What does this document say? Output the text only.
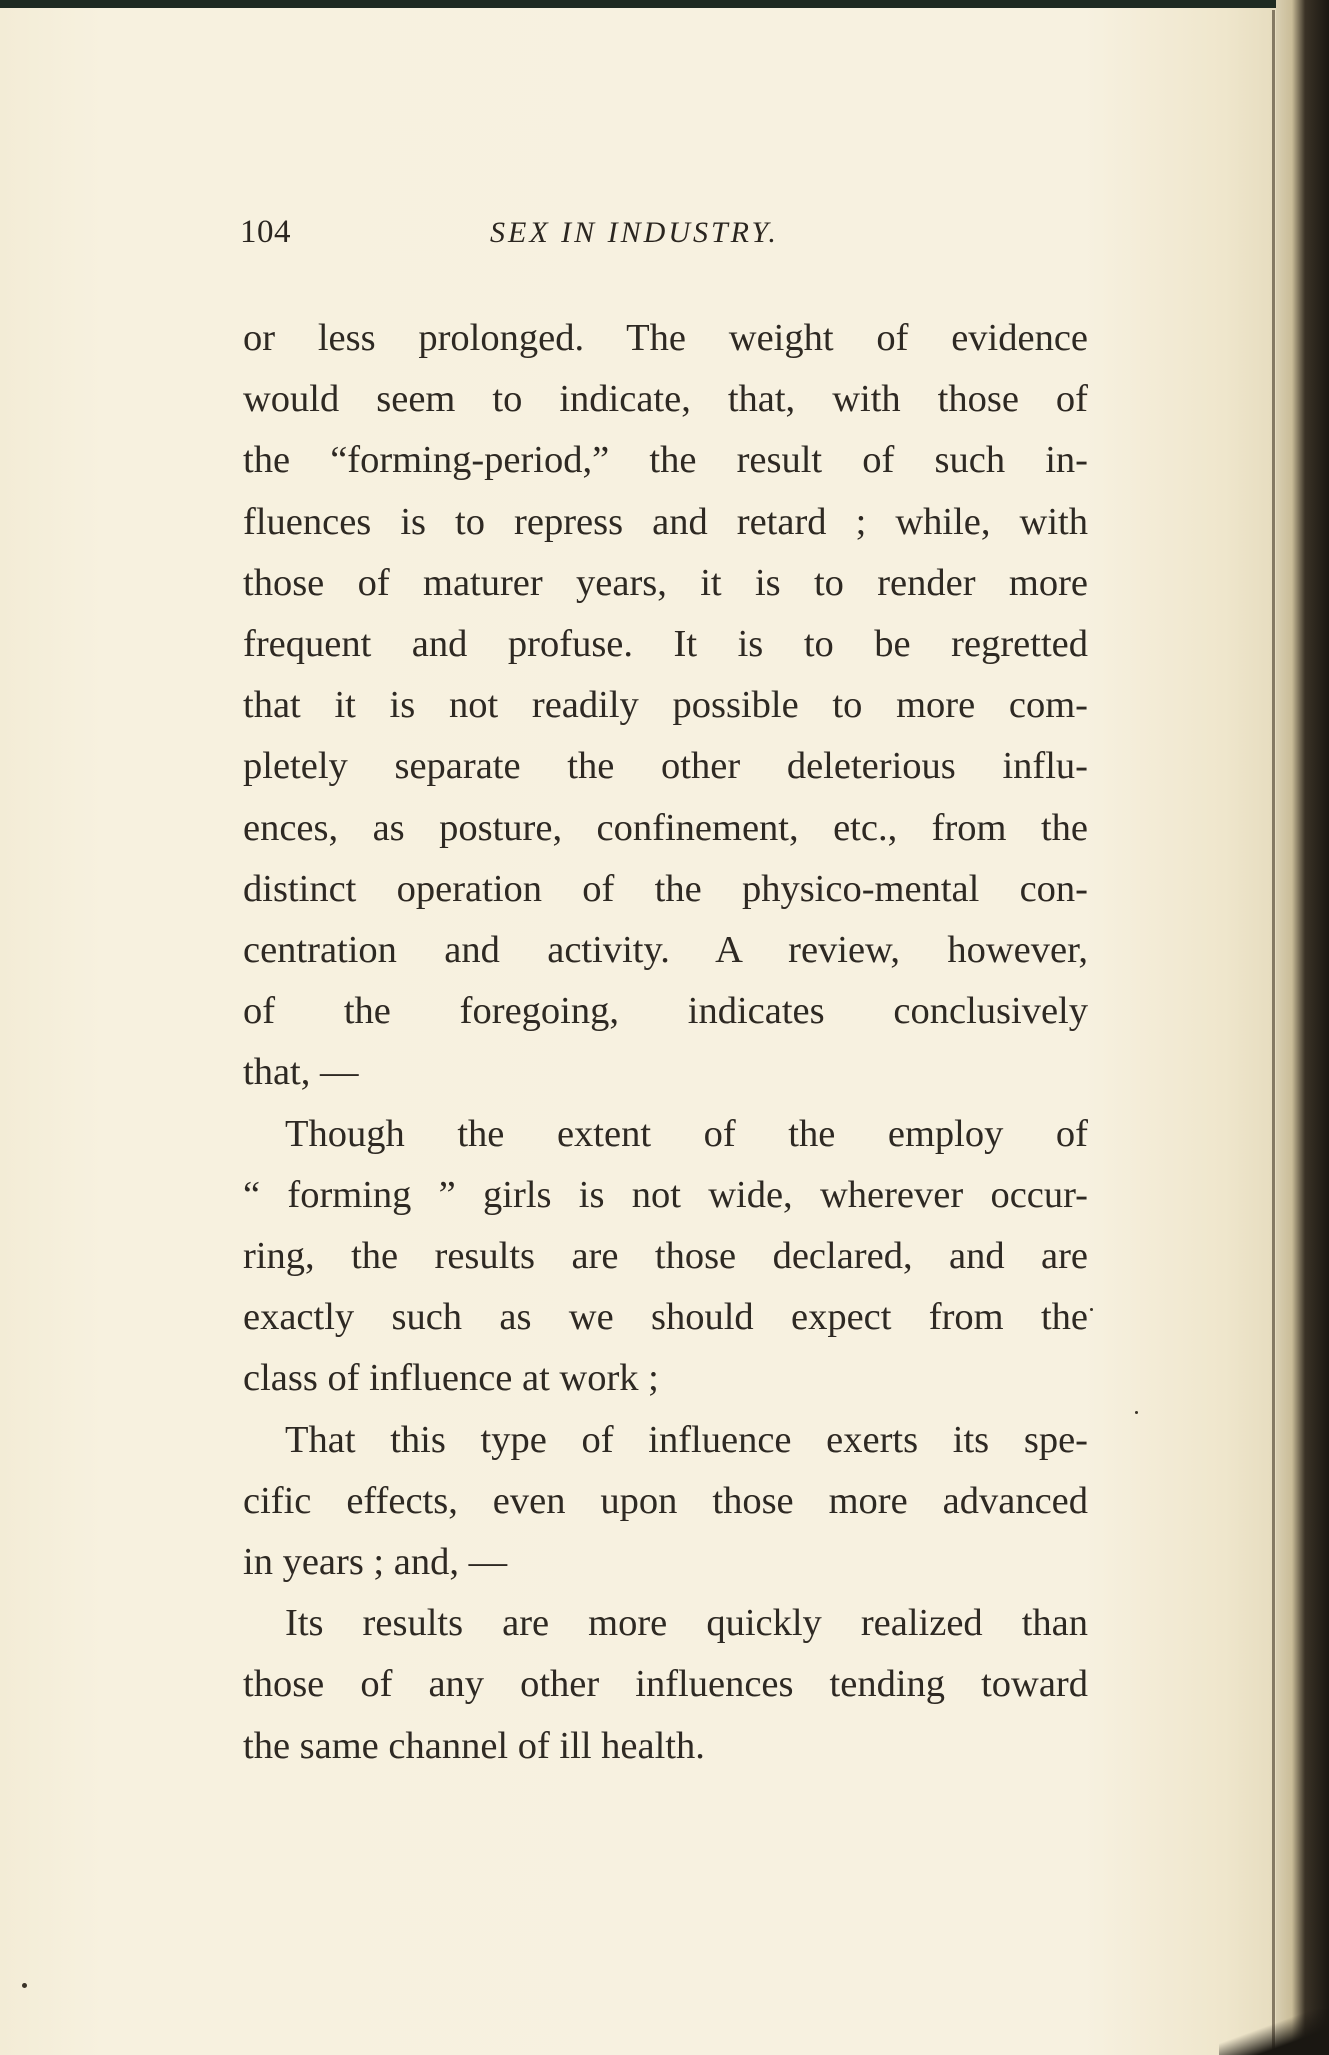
104	SEX IN INDUSTRY.

or less prolonged. The weight of evidence
would seem to indicate, that, with those of
the “forming-period,” the result of such in-
fluences is to repress and retard ; while, with
those of maturer years, it is to render more
frequent and profuse. It is to be regretted
that it is not readily possible to more com-
pletely separate the other deleterious influ-
ences, as posture, confinement, etc., from the
distinct operation of the physico-mental con-
centration and activity. A review, however,
of the foregoing, indicates conclusively
that, —

Though the extent of the employ of
“ forming ” girls is not wide, wherever occur-
ring, the results are those declared, and are
exactly such as we should expect from the
class of influence at work ;

That this type of influence exerts its spe-
cific effects, even upon those more advanced
in years ; and, —

Its results are more quickly realized than
those of any other influences tending toward
the same channel of ill health.
